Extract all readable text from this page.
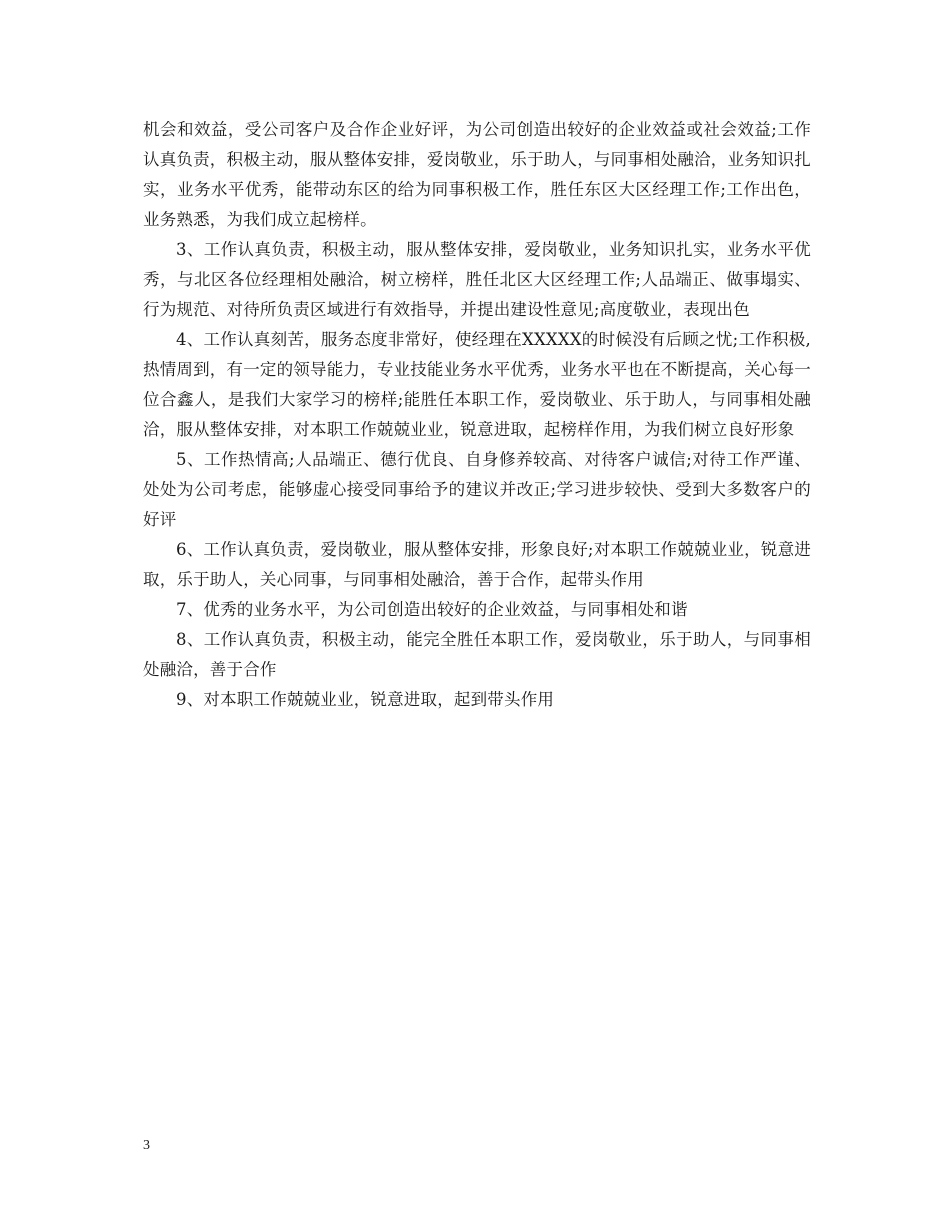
机会和效益，受公司客户及合作企业好评，为公司创造出较好的企业效益或社会效益;工作认真负责，积极主动，服从整体安排，爱岗敬业，乐于助人，与同事相处融洽，业务知识扎实，业务水平优秀，能带动东区的给为同事积极工作，胜任东区大区经理工作;工作出色，业务熟悉，为我们成立起榜样。

3、工作认真负责，积极主动，服从整体安排，爱岗敬业，业务知识扎实，业务水平优秀，与北区各位经理相处融洽，树立榜样，胜任北区大区经理工作;人品端正、做事塌实、行为规范、对待所负责区域进行有效指导，并提出建设性意见;高度敬业，表现出色

4、工作认真刻苦，服务态度非常好，使经理在XXXXX的时候没有后顾之忧;工作积极,热情周到，有一定的领导能力，专业技能业务水平优秀，业务水平也在不断提高，关心每一位合鑫人，是我们大家学习的榜样;能胜任本职工作，爱岗敬业、乐于助人，与同事相处融洽，服从整体安排，对本职工作兢兢业业，锐意进取，起榜样作用，为我们树立良好形象

5、工作热情高;人品端正、德行优良、自身修养较高、对待客户诚信;对待工作严谨、处处为公司考虑，能够虚心接受同事给予的建议并改正;学习进步较快、受到大多数客户的好评

6、工作认真负责，爱岗敬业，服从整体安排，形象良好;对本职工作兢兢业业，锐意进取，乐于助人，关心同事，与同事相处融洽，善于合作，起带头作用

7、优秀的业务水平，为公司创造出较好的企业效益，与同事相处和谐

8、工作认真负责，积极主动，能完全胜任本职工作，爱岗敬业，乐于助人，与同事相处融洽，善于合作

9、对本职工作兢兢业业，锐意进取，起到带头作用

3
